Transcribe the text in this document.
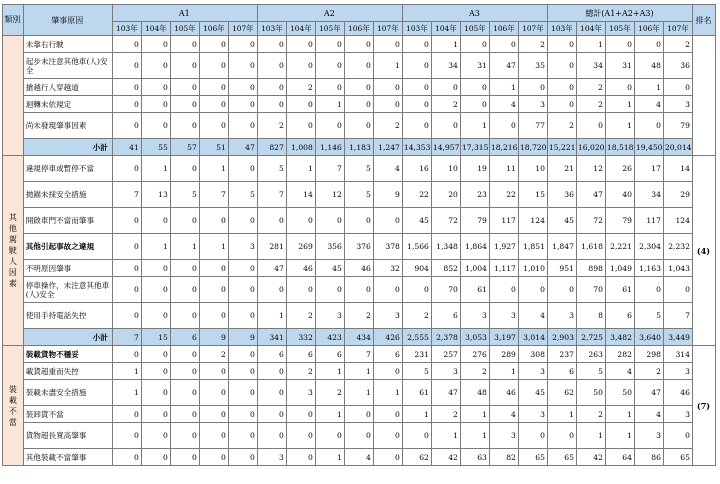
類別	肇事原因	A1					A2					A3					總計(A1+A2+A3)					排名
		103年	104年	105年	106年	107年	103年	104年	105年	106年	107年	103年	104年	105年	106年	107年	103年	104年	105年	106年	107年	
	未靠右行駛	0	0	0	0	0	0	0	0	0	0	0	1	0	0	2	0	1	0	0	2	
	起步未注意其他車(人)安全	0	0	0	0	0	0	0	0	0	1	0	34	31	47	35	0	34	31	48	36	
	搶越行人穿越道	0	0	0	0	0	0	2	0	0	0	0	0	0	1	0	0	2	0	1	0	
	迴轉未依規定	0	0	0	0	0	0	0	1	0	0	0	2	0	4	3	0	2	1	4	3	
	尚未發現肇事因素	0	0	0	0	0	2	0	0	0	2	0	0	1	0	77	2	0	1	0	79	
	小計	41	55	57	51	47	827	1,008	1,146	1,183	1,247	14,353	14,957	17,315	18,216	18,720	15,221	16,020	18,518	19,450	20,014	
其他駕駛人因素	違規停車或暫停不當	0	1	0	1	0	5	1	7	5	4	16	10	19	11	10	21	12	26	17	14	(4)
	拋錨未採安全措施	7	13	5	7	5	7	14	12	5	9	22	20	23	22	15	36	47	40	34	29	
	開啟車門不當而肇事	0	0	0	0	0	0	0	0	0	0	45	72	79	117	124	45	72	79	117	124	
	其他引起事故之違規	0	1	1	1	3	281	269	356	376	378	1,566	1,348	1,864	1,927	1,851	1,847	1,618	2,221	2,304	2,232	
	不明原因肇事	0	0	0	0	0	47	46	45	46	32	904	852	1,004	1,117	1,010	951	898	1,049	1,163	1,043	
	停車操作，未注意其他車(人)安全	0	0	0	0	0	0	0	0	0	0	0	70	61	0	0	0	70	61	0	0	
	使用手持電話失控	0	0	0	0	0	1	2	3	2	3	2	6	3	3	4	3	8	6	5	7	
	小計	7	15	6	9	9	341	332	423	434	426	2,555	2,378	3,053	3,197	3,014	2,903	2,725	3,482	3,640	3,449	
裝載不當	裝載貨物不穩妥	0	0	0	2	0	6	6	6	7	6	231	257	276	289	308	237	263	282	298	314	(7)
	載貨超重而失控	1	0	0	0	0	0	2	1	1	0	5	3	2	1	3	6	5	4	2	3	
	裝載未盡安全措施	1	0	0	0	0	0	3	2	1	1	61	47	48	46	45	62	50	50	47	46	
	裝卸貨不當	0	0	0	0	0	0	0	1	0	0	1	2	1	4	3	1	2	1	4	3	
	貨物超長寬高肇事	0	0	0	0	0	0	0	0	0	0	0	1	1	3	0	0	1	1	3	0	
	其他裝載不當肇事	0	0	0	0	0	3	0	1	4	0	62	42	63	82	65	65	42	64	86	65	
